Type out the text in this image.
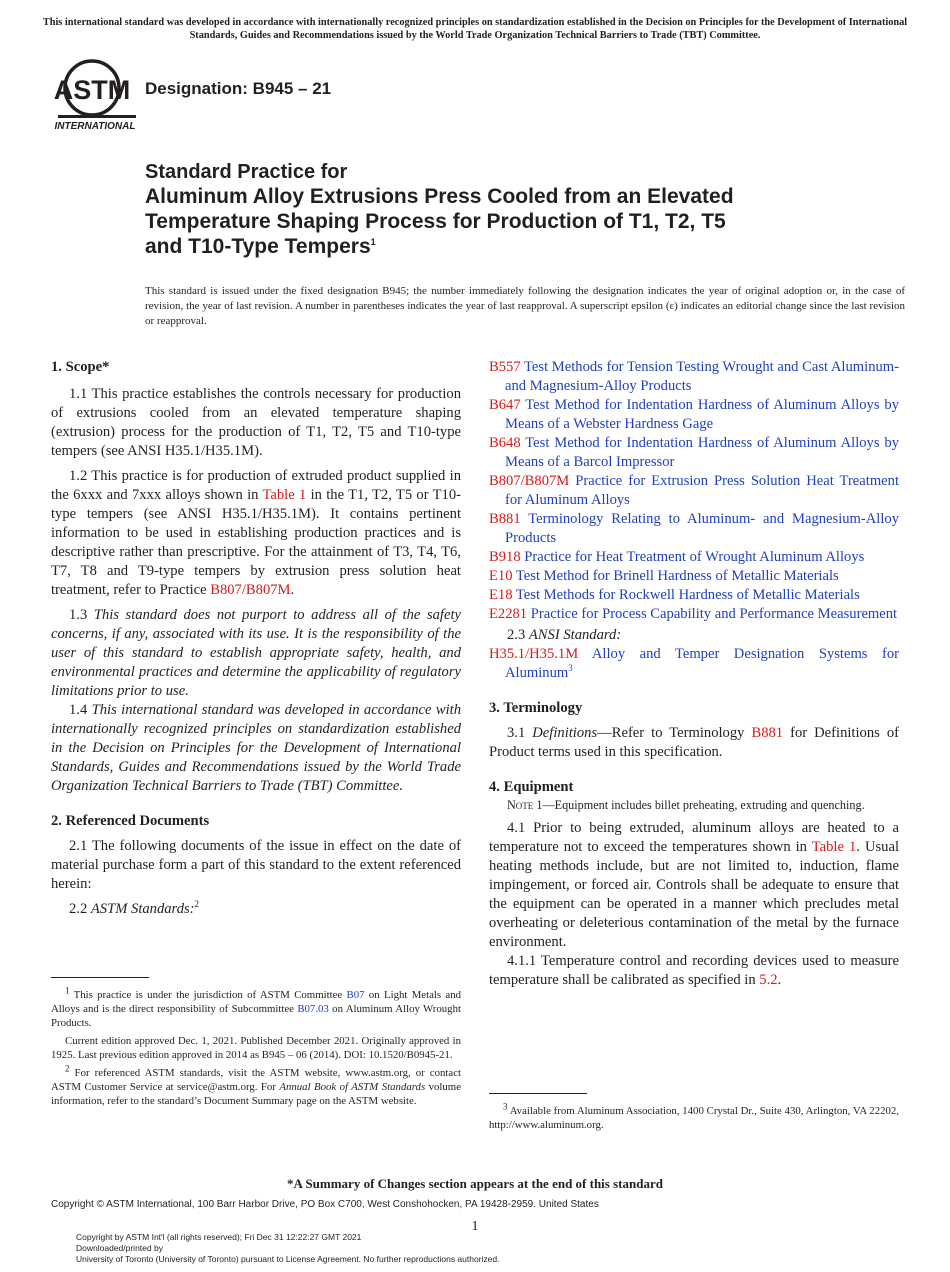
This international standard was developed in accordance with internationally recognized principles on standardization established in the Decision on Principles for the Development of International Standards, Guides and Recommendations issued by the World Trade Organization Technical Barriers to Trade (TBT) Committee.
ASTM
INTERNATIONAL
Designation: B945 – 21
Standard Practice for
Aluminum Alloy Extrusions Press Cooled from an Elevated
Temperature Shaping Process for Production of T1, T2, T5
and T10-Type Tempers$^1$
This standard is issued under the fixed designation B945; the number immediately following the designation indicates the year of original adoption or, in the case of revision, the year of last revision. A number in parentheses indicates the year of last reapproval. A superscript epsilon (ε) indicates an editorial change since the last revision or reapproval.
1. Scope*

1.1 This practice establishes the controls necessary for production of extrusions cooled from an elevated temperature shaping (extrusion) process for the production of T1, T2, T5 and T10-type tempers (see ANSI H35.1/H35.1M).

1.2 This practice is for production of extruded product supplied in the 6xxx and 7xxx alloys shown in Table 1 in the T1, T2, T5 or T10-type tempers (see ANSI H35.1/H35.1M). It contains pertinent information to be used in establishing production practices and is descriptive rather than prescriptive. For the attainment of T3, T4, T6, T7, T8 and T9-type tempers by extrusion press solution heat treatment, refer to Practice B807/B807M.

1.3 This standard does not purport to address all of the safety concerns, if any, associated with its use. It is the responsibility of the user of this standard to establish appropriate safety, health, and environmental practices and determine the applicability of regulatory limitations prior to use.

1.4 This international standard was developed in accordance with internationally recognized principles on standardization established in the Decision on Principles for the Development of International Standards, Guides and Recommendations issued by the World Trade Organization Technical Barriers to Trade (TBT) Committee.

2. Referenced Documents

2.1 The following documents of the issue in effect on the date of material purchase form a part of this standard to the extent referenced herein:

2.2 ASTM Standards:$^2$

$^1$ This practice is under the jurisdiction of ASTM Committee B07 on Light Metals and Alloys and is the direct responsibility of Subcommittee B07.03 on Aluminum Alloy Wrought Products.

Current edition approved Dec. 1, 2021. Published December 2021. Originally approved in 1925. Last previous edition approved in 2014 as B945 – 06 (2014). DOI: 10.1520/B0945-21.

$^2$ For referenced ASTM standards, visit the ASTM website, www.astm.org, or contact ASTM Customer Service at service@astm.org. For Annual Book of ASTM Standards volume information, refer to the standard’s Document Summary page on the ASTM website.

B557 Test Methods for Tension Testing Wrought and Cast Aluminum- and Magnesium-Alloy Products
B647 Test Method for Indentation Hardness of Aluminum Alloys by Means of a Webster Hardness Gage
B648 Test Method for Indentation Hardness of Aluminum Alloys by Means of a Barcol Impressor
B807/B807M Practice for Extrusion Press Solution Heat Treatment for Aluminum Alloys
B881 Terminology Relating to Aluminum- and Magnesium-Alloy Products
B918 Practice for Heat Treatment of Wrought Aluminum Alloys
E10 Test Method for Brinell Hardness of Metallic Materials
E18 Test Methods for Rockwell Hardness of Metallic Materials
E2281 Practice for Process Capability and Performance Measurement

2.3 ANSI Standard:

H35.1/H35.1M Alloy and Temper Designation Systems for Aluminum$^3$
3. Terminology

3.1 Definitions—Refer to Terminology B881 for Definitions of Product terms used in this specification.

4. Equipment

Note 1—Equipment includes billet preheating, extruding and quenching.

4.1 Prior to being extruded, aluminum alloys are heated to a temperature not to exceed the temperatures shown in Table 1. Usual heating methods include, but are not limited to, induction, flame impingement, or forced air. Controls shall be adequate to ensure that the equipment can be operated in a manner which precludes metal overheating or deleterious contamination of the metal by the furnace environment.

4.1.1 Temperature control and recording devices used to measure temperature shall be calibrated as specified in 5.2.

$^3$ Available from Aluminum Association, 1400 Crystal Dr., Suite 430, Arlington, VA 22202, http://www.aluminum.org.

*A Summary of Changes section appears at the end of this standard
Copyright © ASTM International, 100 Barr Harbor Drive, PO Box C700, West Conshohocken, PA 19428-2959. United States
1
Copyright by ASTM Int'l (all rights reserved); Fri Dec 31 12:22:27 GMT 2021
Downloaded/printed by
University of Toronto (University of Toronto) pursuant to License Agreement. No further reproductions authorized.
